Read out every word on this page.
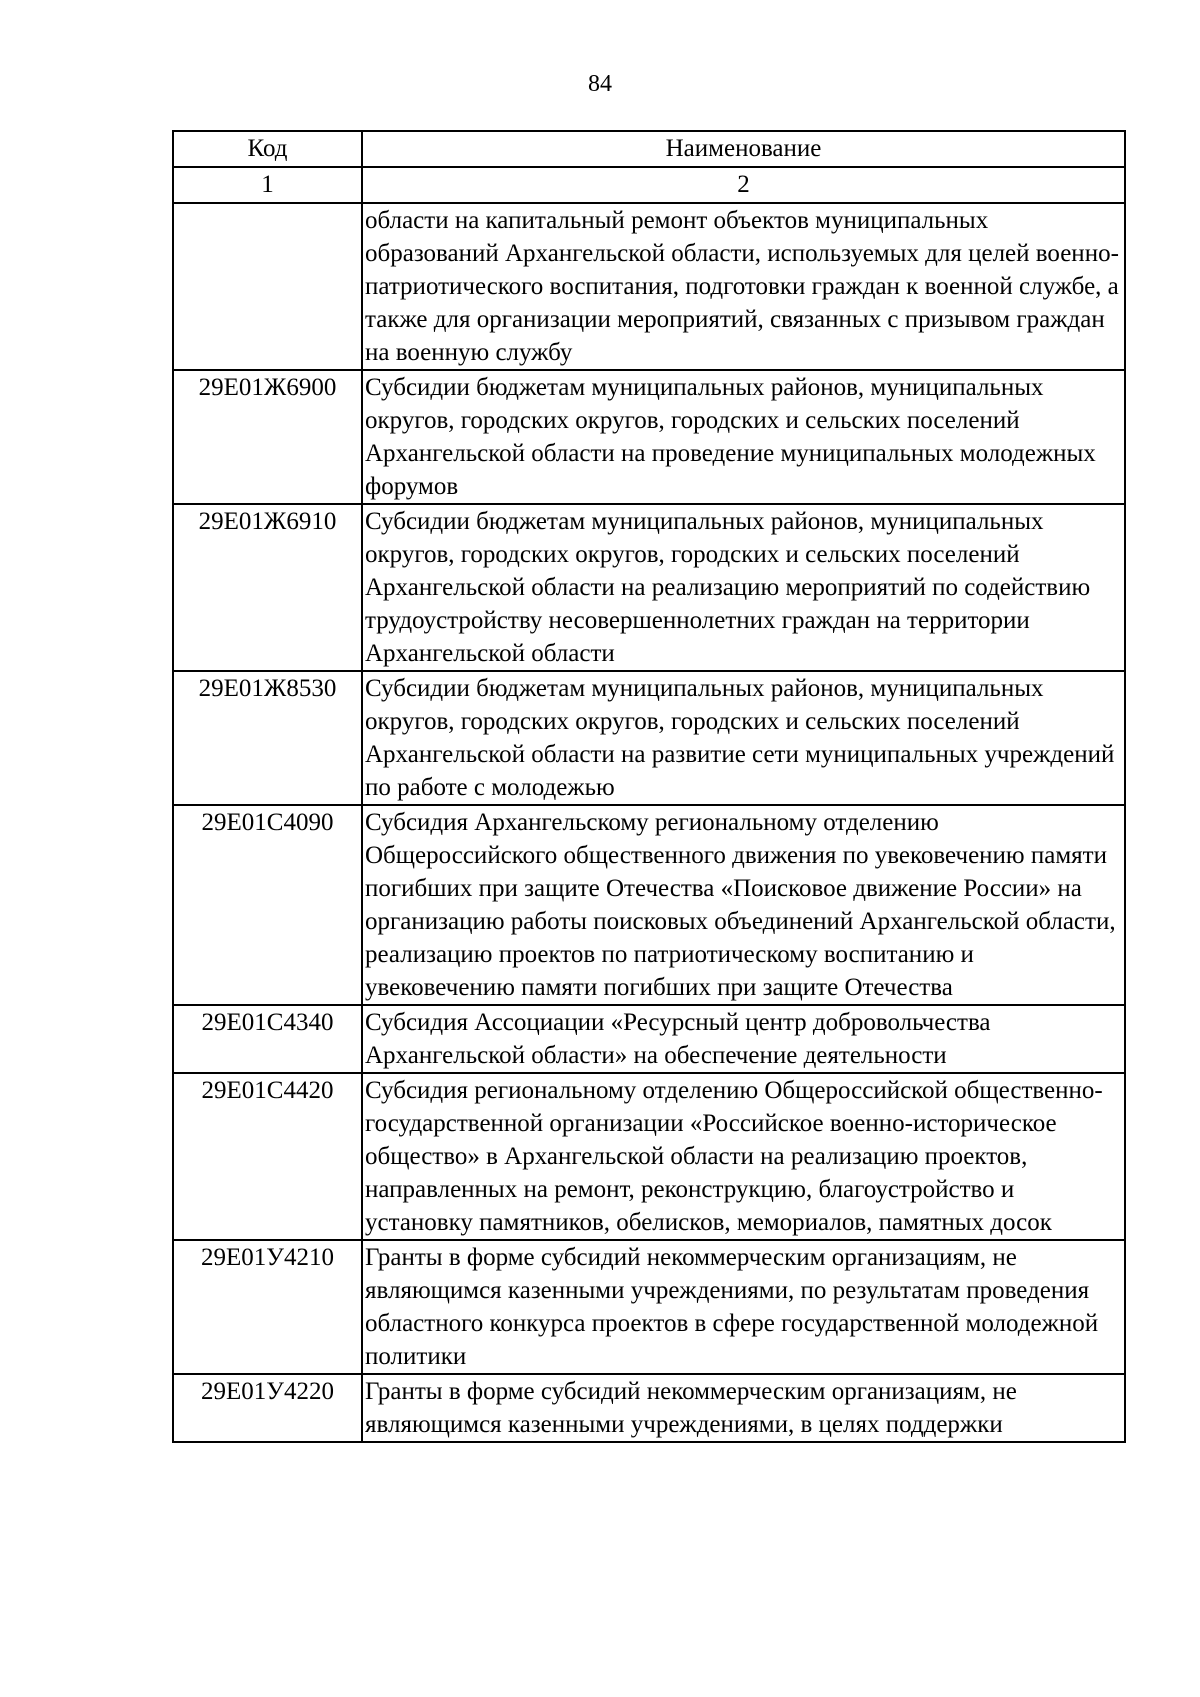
84
Код	Наименование
1	2
	области на капитальный ремонт объектов муниципальных образований Архангельской области, используемых для целей военно-патриотического воспитания, подготовки граждан к военной службе, а также для организации мероприятий, связанных с призывом граждан на военную службу
29Е01Ж6900	Субсидии бюджетам муниципальных районов, муниципальных округов, городских округов, городских и сельских поселений Архангельской области на проведение муниципальных молодежных форумов
29Е01Ж6910	Субсидии бюджетам муниципальных районов, муниципальных округов, городских округов, городских и сельских поселений Архангельской области на реализацию мероприятий по содействию трудоустройству несовершеннолетних граждан на территории Архангельской области
29Е01Ж8530	Субсидии бюджетам муниципальных районов, муниципальных округов, городских округов, городских и сельских поселений Архангельской области на развитие сети муниципальных учреждений по работе с молодежью
29Е01С4090	Субсидия Архангельскому региональному отделению Общероссийского общественного движения по увековечению памяти погибших при защите Отечества «Поисковое движение России» на организацию работы поисковых объединений Архангельской области, реализацию проектов по патриотическому воспитанию и увековечению памяти погибших при защите Отечества
29Е01С4340	Субсидия Ассоциации «Ресурсный центр добровольчества Архангельской области» на обеспечение деятельности
29Е01С4420	Субсидия региональному отделению Общероссийской общественно-государственной организации «Российское военно-историческое общество» в Архангельской области на реализацию проектов, направленных на ремонт, реконструкцию, благоустройство и установку памятников, обелисков, мемориалов, памятных досок
29Е01У4210	Гранты в форме субсидий некоммерческим организациям, не являющимся казенными учреждениями, по результатам проведения областного конкурса проектов в сфере государственной молодежной политики
29Е01У4220	Гранты в форме субсидий некоммерческим организациям, не являющимся казенными учреждениями, в целях поддержки
